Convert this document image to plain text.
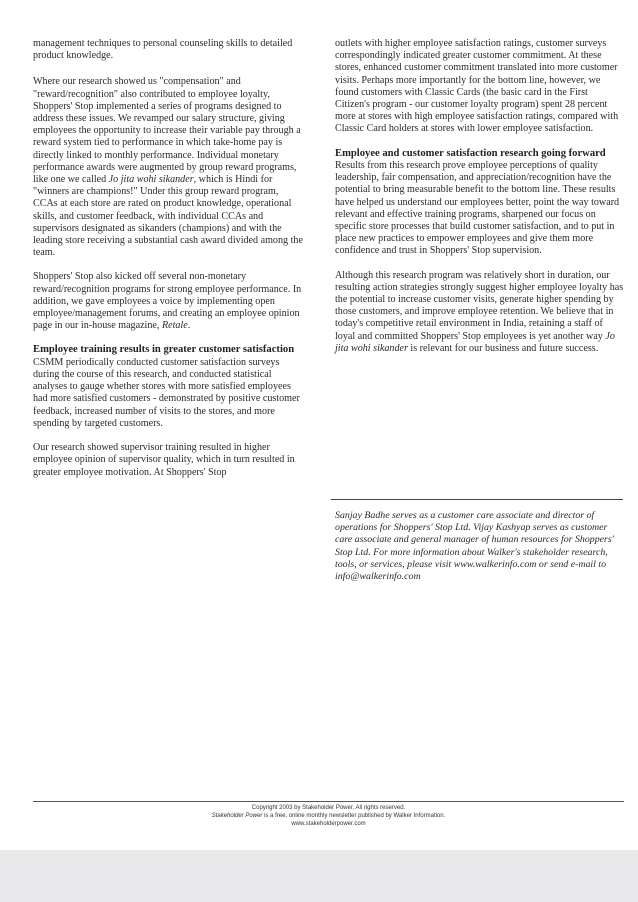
management techniques to personal counseling skills to detailed product knowledge.

Where our research showed us "compensation" and "reward/recognition" also contributed to employee loyalty, Shoppers' Stop implemented a series of programs designed to address these issues. We revamped our salary structure, giving employees the opportunity to increase their variable pay through a reward system tied to performance in which take-home pay is directly linked to monthly performance. Individual monetary performance awards were augmented by group reward programs, like one we called Jo jita wohi sikander, which is Hindi for "winners are champions!" Under this group reward program, CCAs at each store are rated on product knowledge, operational skills, and customer feedback, with individual CCAs and supervisors designated as sikanders (champions) and with the leading store receiving a substantial cash award divided among the team.

Shoppers' Stop also kicked off several non-monetary reward/recognition programs for strong employee performance. In addition, we gave employees a voice by implementing open employee/management forums, and creating an employee opinion page in our in-house magazine, Retale.

Employee training results in greater customer satisfaction

CSMM periodically conducted customer satisfaction surveys during the course of this research, and conducted statistical analyses to gauge whether stores with more satisfied employees had more satisfied customers - demonstrated by positive customer feedback, increased number of visits to the stores, and more spending by targeted customers.

Our research showed supervisor training resulted in higher employee opinion of supervisor quality, which in turn resulted in greater employee motivation. At Shoppers' Stop

outlets with higher employee satisfaction ratings, customer surveys correspondingly indicated greater customer commitment. At these stores, enhanced customer commitment translated into more customer visits. Perhaps more importantly for the bottom line, however, we found customers with Classic Cards (the basic card in the First Citizen's program - our customer loyalty program) spent 28 percent more at stores with high employee satisfaction ratings, compared with Classic Card holders at stores with lower employee satisfaction.

Employee and customer satisfaction research going forward

Results from this research prove employee perceptions of quality leadership, fair compensation, and appreciation/recognition have the potential to bring measurable benefit to the bottom line. These results have helped us understand our employees better, point the way toward relevant and effective training programs, sharpened our focus on specific store processes that build customer satisfaction, and to put in place new practices to empower employees and give them more confidence and trust in Shoppers' Stop supervision.

Although this research program was relatively short in duration, our resulting action strategies strongly suggest higher employee loyalty has the potential to increase customer visits, generate higher spending by those customers, and improve employee retention. We believe that in today's competitive retail environment in India, retaining a staff of loyal and committed Shoppers' Stop employees is yet another way Jo jita wohi sikander is relevant for our business and future success.

Sanjay Badhe serves as a customer care associate and director of operations for Shoppers' Stop Ltd. Vijay Kashyap serves as customer care associate and general manager of human resources for Shoppers' Stop Ltd. For more information about Walker's stakeholder research, tools, or services, please visit www.walkerinfo.com or send e-mail to info@walkerinfo.com
Copyright 2003 by Stakeholder Power. All rights reserved.
Stakeholder Power is a free, online monthly newsletter published by Walker Information.
www.stakeholderpower.com
